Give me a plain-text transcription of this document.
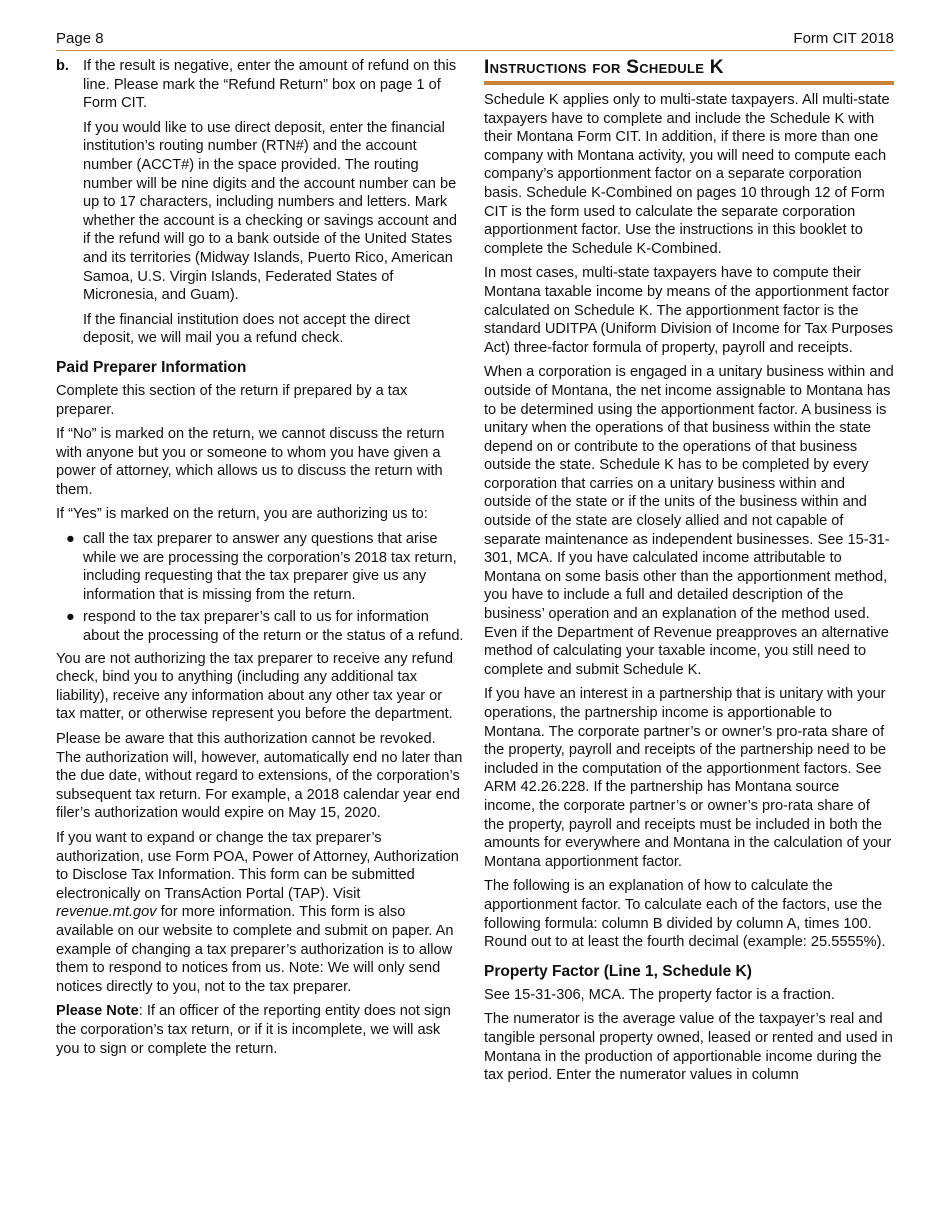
Page 8	Form CIT 2018
b. If the result is negative, enter the amount of refund on this line. Please mark the “Refund Return” box on page 1 of Form CIT.

If you would like to use direct deposit, enter the financial institution’s routing number (RTN#) and the account number (ACCT#) in the space provided. The routing number will be nine digits and the account number can be up to 17 characters, including numbers and letters. Mark whether the account is a checking or savings account and if the refund will go to a bank outside of the United States and its territories (Midway Islands, Puerto Rico, American Samoa, U.S. Virgin Islands, Federated States of Micronesia, and Guam).

If the financial institution does not accept the direct deposit, we will mail you a refund check.

Paid Preparer Information

Complete this section of the return if prepared by a tax preparer.

If “No” is marked on the return, we cannot discuss the return with anyone but you or someone to whom you have given a power of attorney, which allows us to discuss the return with them.

If “Yes” is marked on the return, you are authorizing us to:

● call the tax preparer to answer any questions that arise while we are processing the corporation’s 2018 tax return, including requesting that the tax preparer give us any information that is missing from the return.
● respond to the tax preparer’s call to us for information about the processing of the return or the status of a refund.

You are not authorizing the tax preparer to receive any refund check, bind you to anything (including any additional tax liability), receive any information about any other tax year or tax matter, or otherwise represent you before the department.

Please be aware that this authorization cannot be revoked. The authorization will, however, automatically end no later than the due date, without regard to extensions, of the corporation’s subsequent tax return. For example, a 2018 calendar year end filer’s authorization would expire on May 15, 2020.

If you want to expand or change the tax preparer’s authorization, use Form POA, Power of Attorney, Authorization to Disclose Tax Information. This form can be submitted electronically on TransAction Portal (TAP). Visit revenue.mt.gov for more information. This form is also available on our website to complete and submit on paper. An example of changing a tax preparer’s authorization is to allow them to respond to notices from us. Note: We will only send notices directly to you, not to the tax preparer.

Please Note: If an officer of the reporting entity does not sign the corporation’s tax return, or if it is incomplete, we will ask you to sign or complete the return.

Instructions for Schedule K

Schedule K applies only to multi-state taxpayers. All multi-state taxpayers have to complete and include the Schedule K with their Montana Form CIT. In addition, if there is more than one company with Montana activity, you will need to compute each company’s apportionment factor on a separate corporation basis. Schedule K-Combined on pages 10 through 12 of Form CIT is the form used to calculate the separate corporation apportionment factor. Use the instructions in this booklet to complete the Schedule K-Combined.

In most cases, multi-state taxpayers have to compute their Montana taxable income by means of the apportionment factor calculated on Schedule K. The apportionment factor is the standard UDITPA (Uniform Division of Income for Tax Purposes Act) three-factor formula of property, payroll and receipts.

When a corporation is engaged in a unitary business within and outside of Montana, the net income assignable to Montana has to be determined using the apportionment factor. A business is unitary when the operations of that business within the state depend on or contribute to the operations of that business outside the state. Schedule K has to be completed by every corporation that carries on a unitary business within and outside of the state or if the units of the business within and outside of the state are closely allied and not capable of separate maintenance as independent businesses. See 15-31-301, MCA. If you have calculated income attributable to Montana on some basis other than the apportionment method, you have to include a full and detailed description of the business’ operation and an explanation of the method used. Even if the Department of Revenue preapproves an alternative method of calculating your taxable income, you still need to complete and submit Schedule K.

If you have an interest in a partnership that is unitary with your operations, the partnership income is apportionable to Montana. The corporate partner’s or owner’s pro-rata share of the property, payroll and receipts of the partnership need to be included in the computation of the apportionment factors. See ARM 42.26.228. If the partnership has Montana source income, the corporate partner’s or owner’s pro-rata share of the property, payroll and receipts must be included in both the amounts for everywhere and Montana in the calculation of your Montana apportionment factor.

The following is an explanation of how to calculate the apportionment factor. To calculate each of the factors, use the following formula: column B divided by column A, times 100. Round out to at least the fourth decimal (example: 25.5555%).

Property Factor (Line 1, Schedule K)

See 15-31-306, MCA. The property factor is a fraction.

The numerator is the average value of the taxpayer’s real and tangible personal property owned, leased or rented and used in Montana in the production of apportionable income during the tax period. Enter the numerator values in column
